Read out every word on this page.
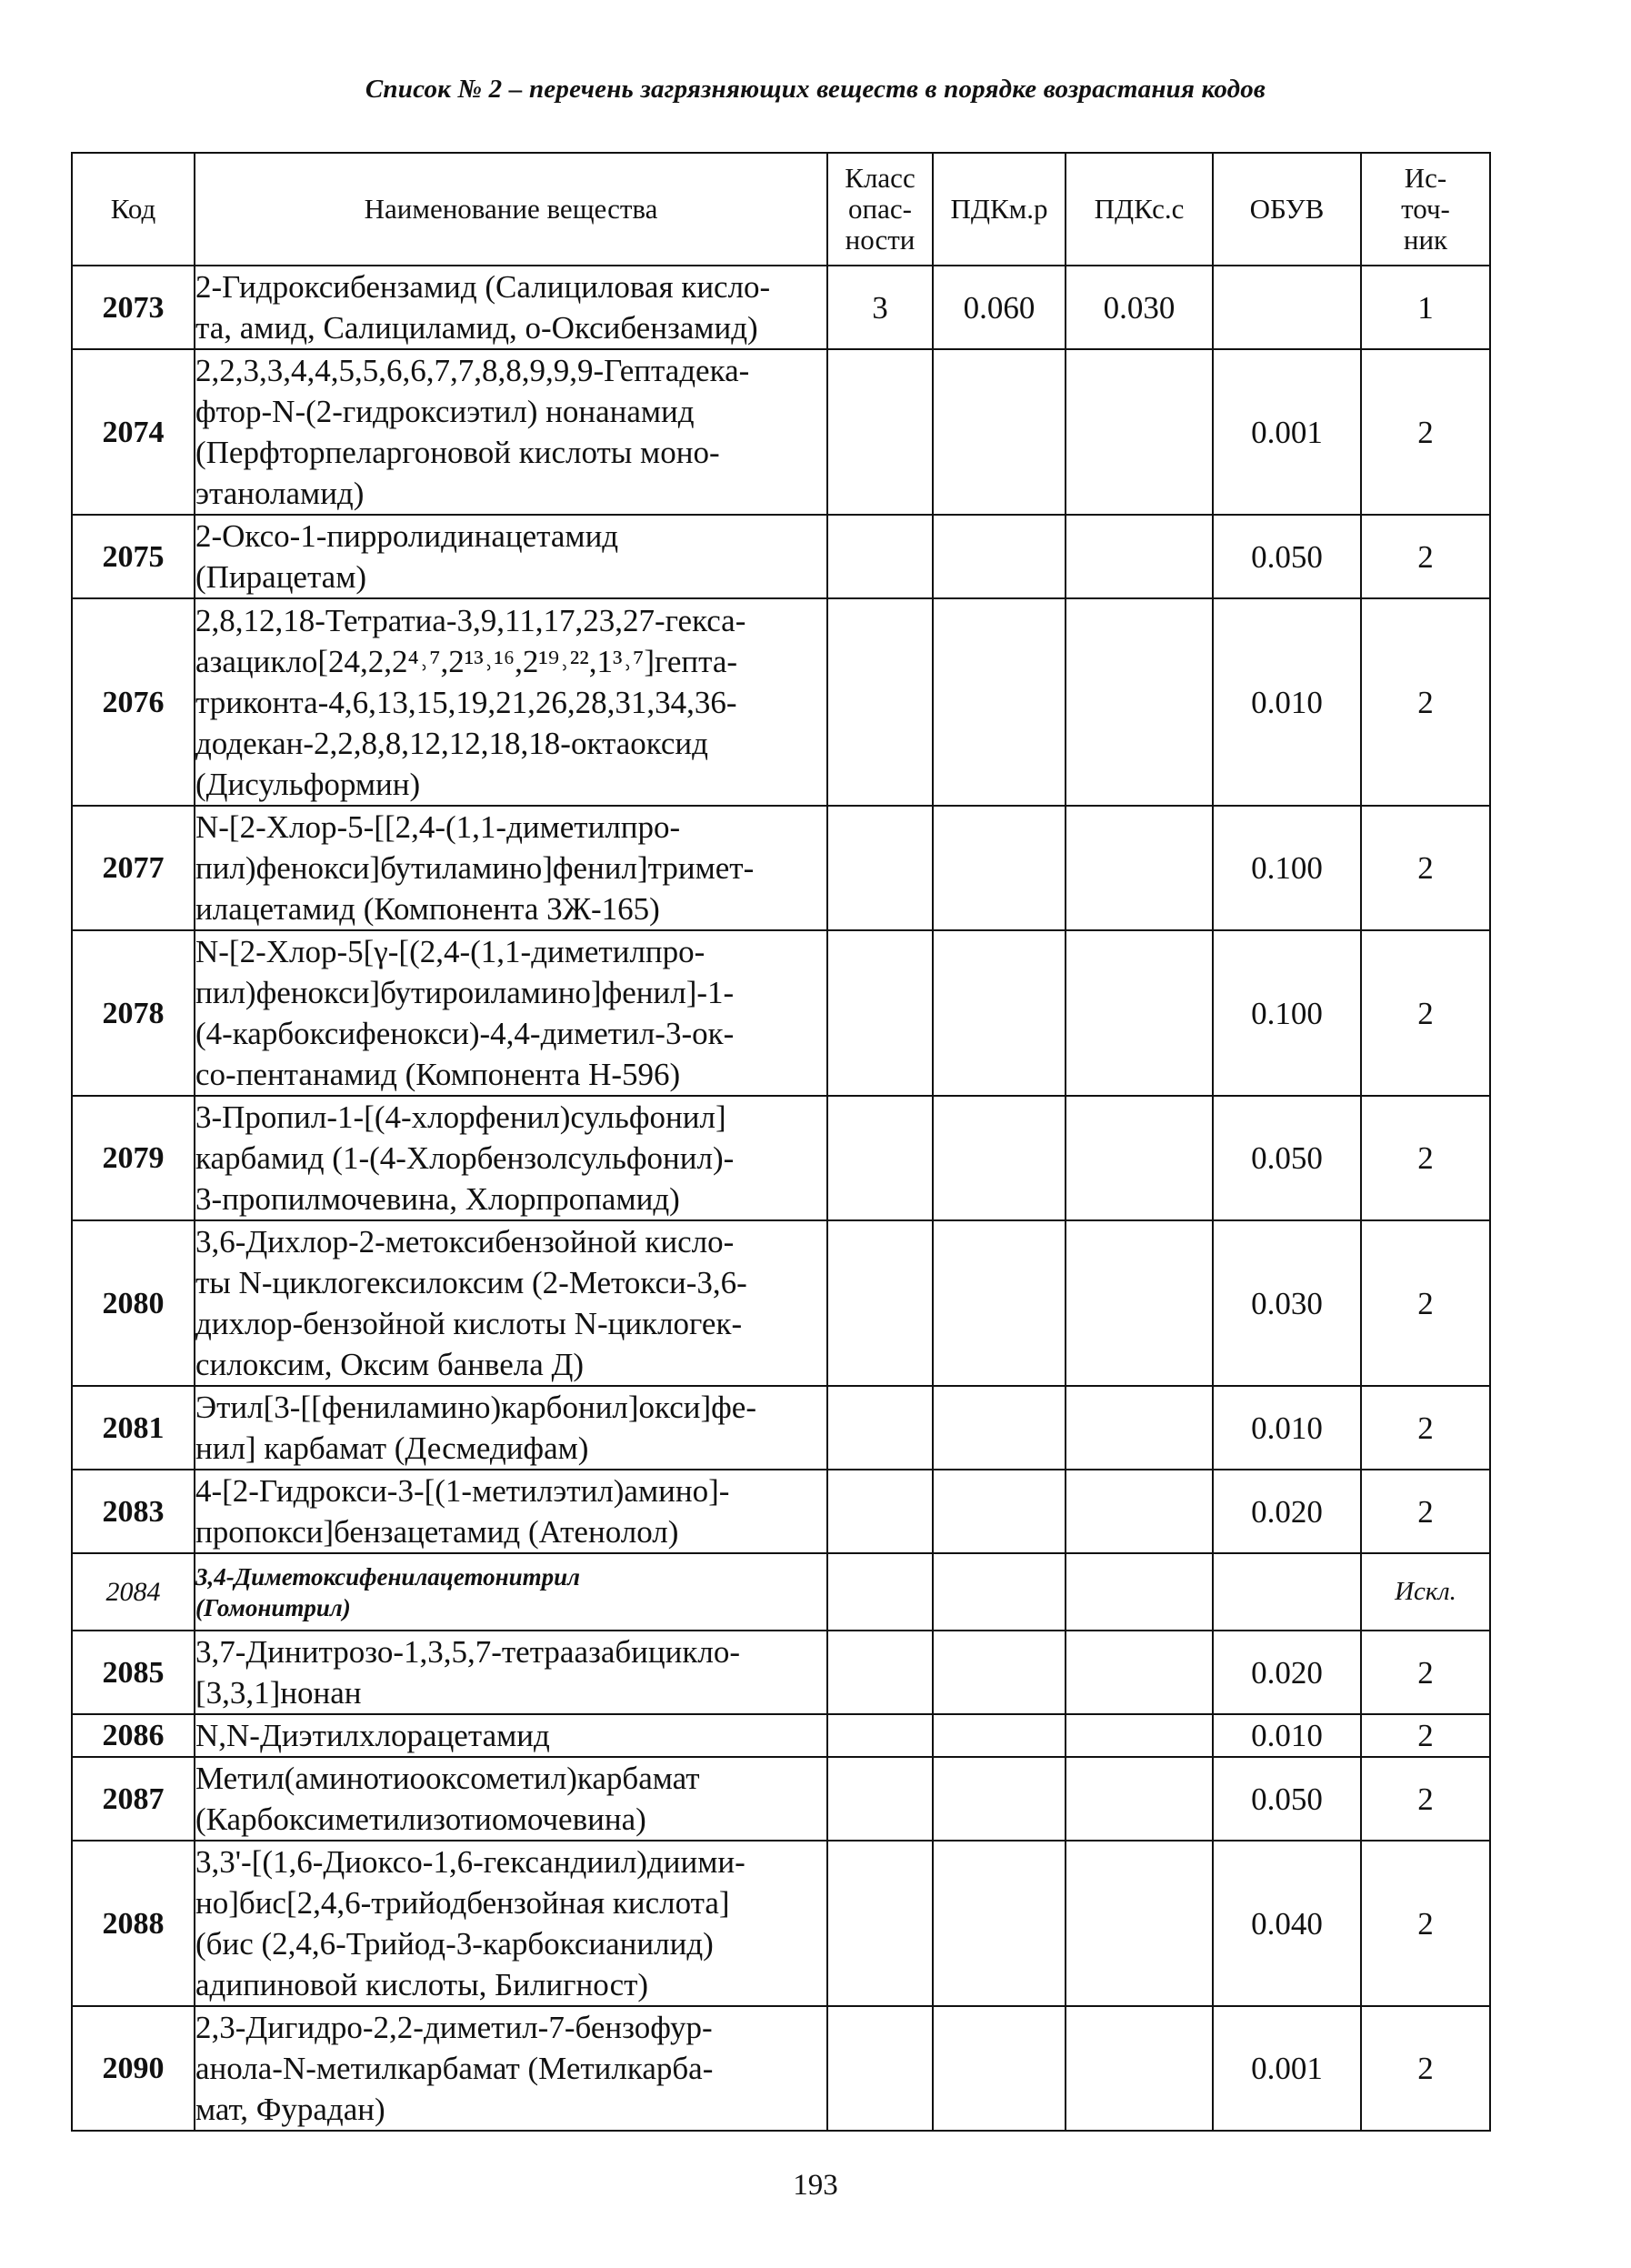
Список № 2 – перечень загрязняющих веществ в порядке возрастания кодов
Код	Наименование вещества	Класс
опас-
ности	ПДКм.р	ПДКс.с	ОБУВ	Ис-
точ-
ник

2073	2-Гидроксибензамид (Салициловая кисло-
та, амид, Салициламид, о-Оксибензамид)	3	0.060	0.030		1
2074	2,2,3,3,4,4,5,5,6,6,7,7,8,8,9,9,9-Гептадека-
фтор-N-(2-гидроксиэтил) нонанамид
(Перфторпеларгоновой кислоты моно-
этаноламид)				0.001	2
2075	2-Оксо-1-пирролидинацетамид
(Пирацетам)				0.050	2
2076	2,8,12,18-Тетратиа-3,9,11,17,23,27-гекса-
азацикло[24,2,2⁴˒⁷,2¹³˒¹⁶,2¹⁹˒²²,1³˒⁷]гепта-
триконта-4,6,13,15,19,21,26,28,31,34,36-
додекан-2,2,8,8,12,12,18,18-октаоксид
(Дисульформин)				0.010	2
2077	N-[2-Хлор-5-[[2,4-(1,1-диметилпро-
пил)фенокси]бутиламино]фенил]тримет-
илацетамид (Компонента 3Ж-165)				0.100	2
2078	N-[2-Хлор-5[γ-[(2,4-(1,1-диметилпро-
пил)фенокси]бутироиламино]фенил]-1-
(4-карбоксифенокси)-4,4-диметил-3-ок-
со-пентанамид (Компонента Н-596)				0.100	2
2079	3-Пропил-1-[(4-хлорфенил)сульфонил]
карбамид (1-(4-Хлорбензолсульфонил)-
3-пропилмочевина, Хлорпропамид)				0.050	2
2080	3,6-Дихлор-2-метоксибензойной кисло-
ты N-циклогексилоксим (2-Метокси-3,6-
дихлор-бензойной кислоты N-циклогек-
силоксим, Оксим банвела Д)				0.030	2
2081	Этил[3-[[фениламино)карбонил]окси]фе-
нил] карбамат (Десмедифам)				0.010	2
2083	4-[2-Гидрокси-3-[(1-метилэтил)амино]-
пропокси]бензацетамид (Атенолол)				0.020	2
2084	3,4-Диметоксифенилацетонитрил
(Гомонитрил)					Искл.
2085	3,7-Динитрозо-1,3,5,7-тетраазабицикло-
[3,3,1]нонан				0.020	2
2086	N,N-Диэтилхлорацетамид				0.010	2
2087	Метил(аминотиооксометил)карбамат
(Карбоксиметилизотиомочевина)				0.050	2
2088	3,3'-[(1,6-Диоксо-1,6-гександиил)диими-
но]бис[2,4,6-трийодбензойная кислота]
(бис (2,4,6-Трийод-3-карбоксианилид)
адипиновой кислоты, Билигност)				0.040	2
2090	2,3-Дигидро-2,2-диметил-7-бензофур-
анола-N-метилкарбамат (Метилкарба-
мат, Фурадан)				0.001	2
193
